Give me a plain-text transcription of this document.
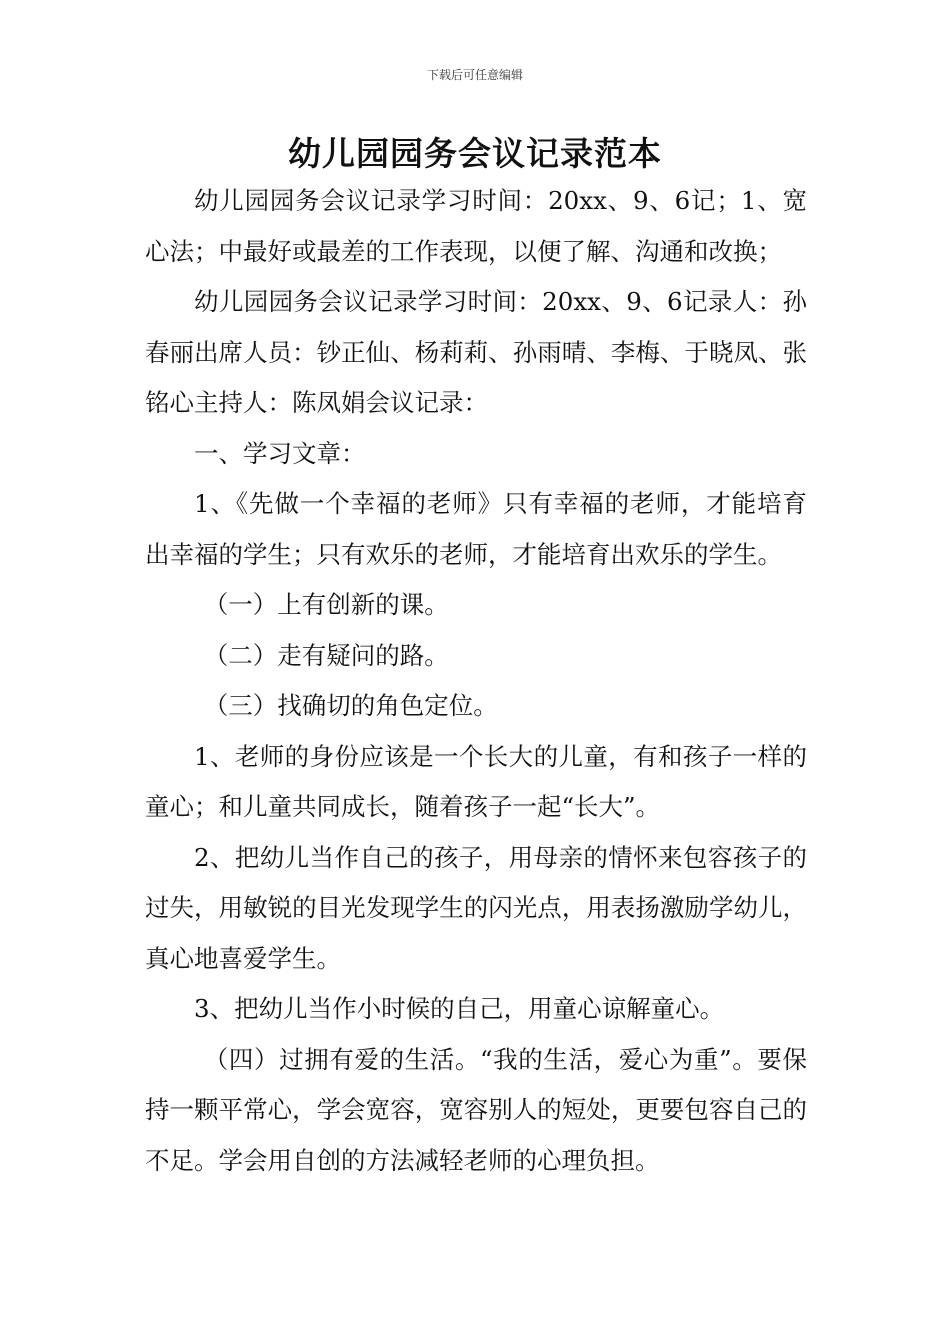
下载后可任意编辑
幼儿园园务会议记录范本

幼儿园园务会议记录学习时间：20xx、9、6记；1、宽心法；中最好或最差的工作表现，以便了解、沟通和改换；

幼儿园园务会议记录学习时间：20xx、9、6记录人：孙春丽出席人员：钞正仙、杨莉莉、孙雨晴、李梅、于晓凤、张铭心主持人：陈凤娟会议记录：

一、学习文章：

1、《先做一个幸福的老师》只有幸福的老师，才能培育出幸福的学生；只有欢乐的老师，才能培育出欢乐的学生。

（一）上有创新的课。

（二）走有疑问的路。

（三）找确切的角色定位。

1、老师的身份应该是一个长大的儿童，有和孩子一样的童心；和儿童共同成长，随着孩子一起“长大”。

2、把幼儿当作自己的孩子，用母亲的情怀来包容孩子的过失，用敏锐的目光发现学生的闪光点，用表扬激励学幼儿，真心地喜爱学生。

3、把幼儿当作小时候的自己，用童心谅解童心。

（四）过拥有爱的生活。“我的生活，爱心为重”。要保持一颗平常心，学会宽容，宽容别人的短处，更要包容自己的不足。学会用自创的方法减轻老师的心理负担。
